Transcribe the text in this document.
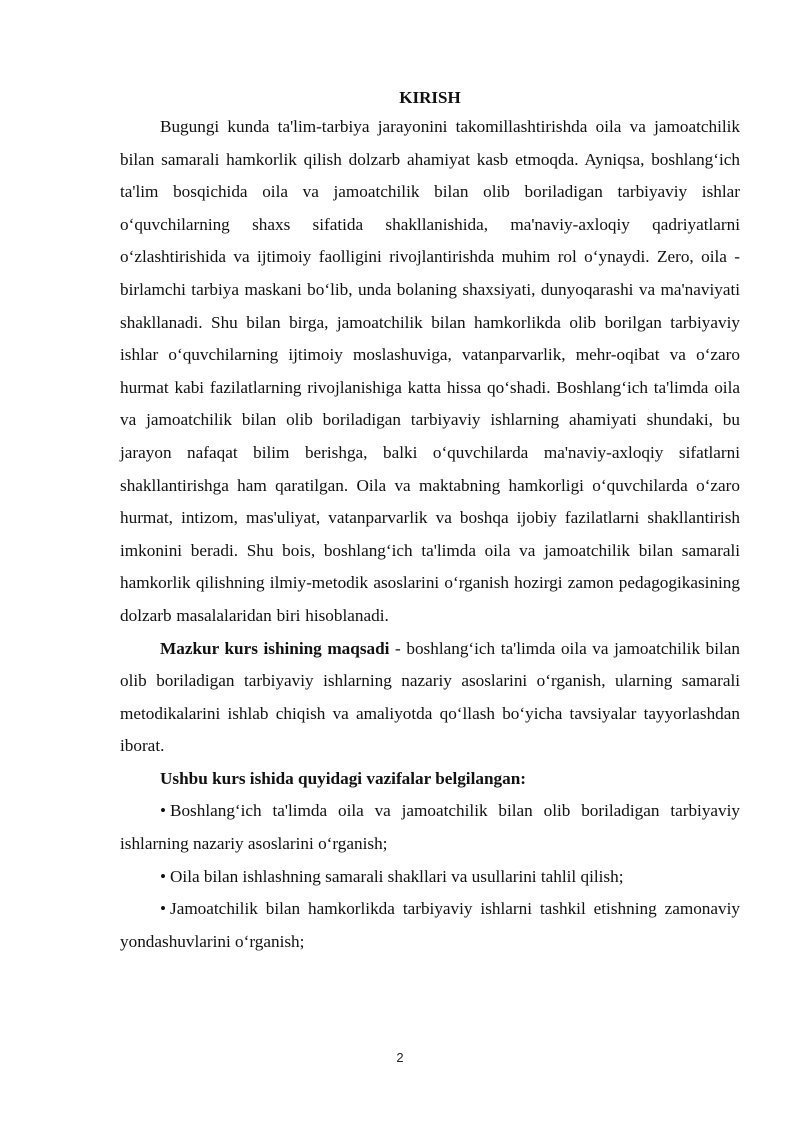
KIRISH

Bugungi kunda ta'lim-tarbiya jarayonini takomillashtirishda oila va jamoatchilik bilan samarali hamkorlik qilish dolzarb ahamiyat kasb etmoqda. Ayniqsa, boshlang‘ich ta'lim bosqichida oila va jamoatchilik bilan olib boriladigan tarbiyaviy ishlar o‘quvchilarning shaxs sifatida shakllanishida, ma'naviy-axloqiy qadriyatlarni o‘zlashtirishida va ijtimoiy faolligini rivojlantirishda muhim rol o‘ynaydi. Zero, oila - birlamchi tarbiya maskani bo‘lib, unda bolaning shaxsiyati, dunyoqarashi va ma'naviyati shakllanadi. Shu bilan birga, jamoatchilik bilan hamkorlikda olib borilgan tarbiyaviy ishlar o‘quvchilarning ijtimoiy moslashuviga, vatanparvarlik, mehr-oqibat va o‘zaro hurmat kabi fazilatlarning rivojlanishiga katta hissa qo‘shadi. Boshlang‘ich ta'limda oila va jamoatchilik bilan olib boriladigan tarbiyaviy ishlarning ahamiyati shundaki, bu jarayon nafaqat bilim berishga, balki o‘quvchilarda ma'naviy-axloqiy sifatlarni shakllantirishga ham qaratilgan. Oila va maktabning hamkorligi o‘quvchilarda o‘zaro hurmat, intizom, mas'uliyat, vatanparvarlik va boshqa ijobiy fazilatlarni shakllantirish imkonini beradi. Shu bois, boshlang‘ich ta'limda oila va jamoatchilik bilan samarali hamkorlik qilishning ilmiy-metodik asoslarini o‘rganish hozirgi zamon pedagogikasining dolzarb masalalaridan biri hisoblanadi.

Mazkur kurs ishining maqsadi - boshlang‘ich ta'limda oila va jamoatchilik bilan olib boriladigan tarbiyaviy ishlarning nazariy asoslarini o‘rganish, ularning samarali metodikalarini ishlab chiqish va amaliyotda qo‘llash bo‘yicha tavsiyalar tayyorlashdan iborat.

Ushbu kurs ishida quyidagi vazifalar belgilangan:

• Boshlang‘ich ta'limda oila va jamoatchilik bilan olib boriladigan tarbiyaviy ishlarning nazariy asoslarini o‘rganish;

• Oila bilan ishlashning samarali shakllari va usullarini tahlil qilish;

• Jamoatchilik bilan hamkorlikda tarbiyaviy ishlarni tashkil etishning zamonaviy yondashuvlarini o‘rganish;

2
